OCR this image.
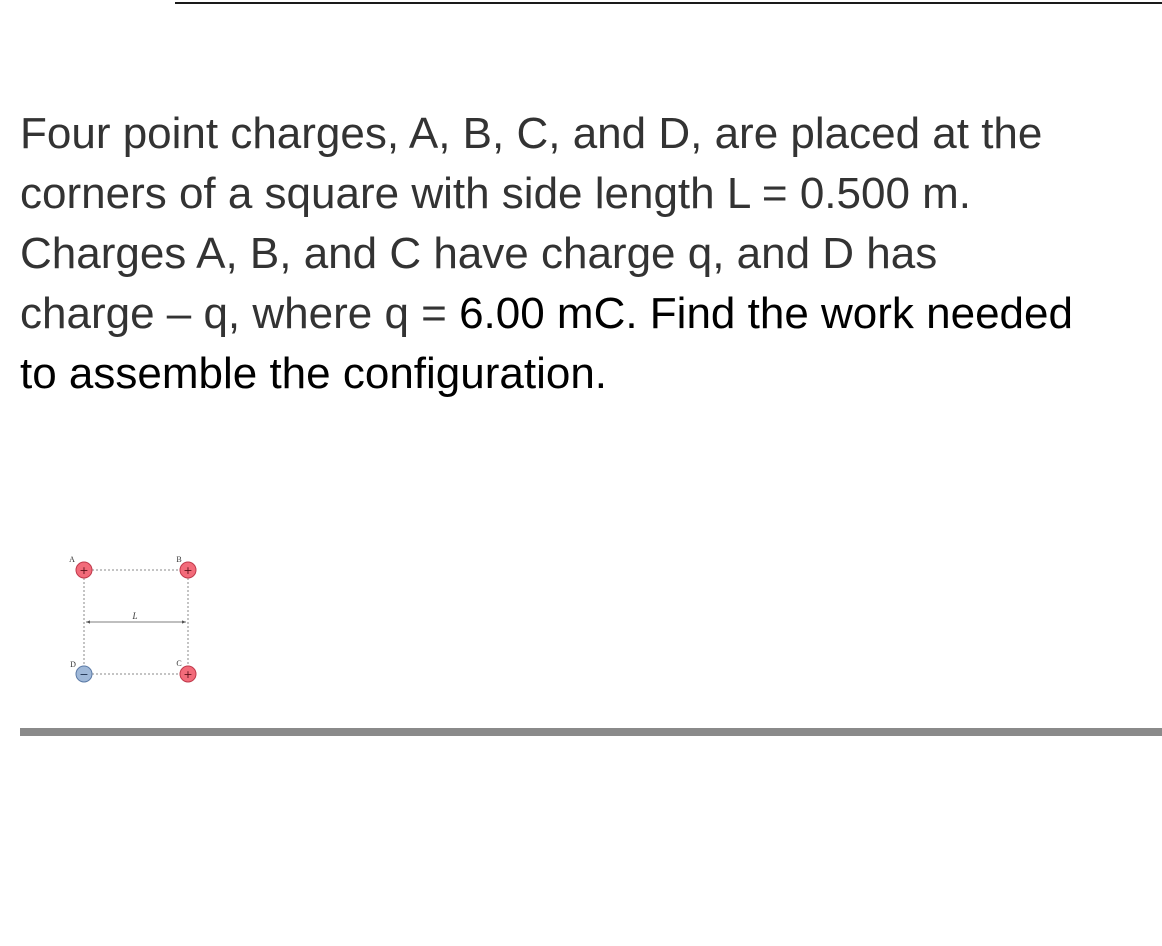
Four point charges, A, B, C, and D, are placed at the
corners of a square with side length L = 0.500 m.
Charges A, B, and C have charge q, and D has
charge – q, where q = 6.00 mC. Find the work needed
to assemble the configuration.

L
+
A
+
B
+
C
−
D
